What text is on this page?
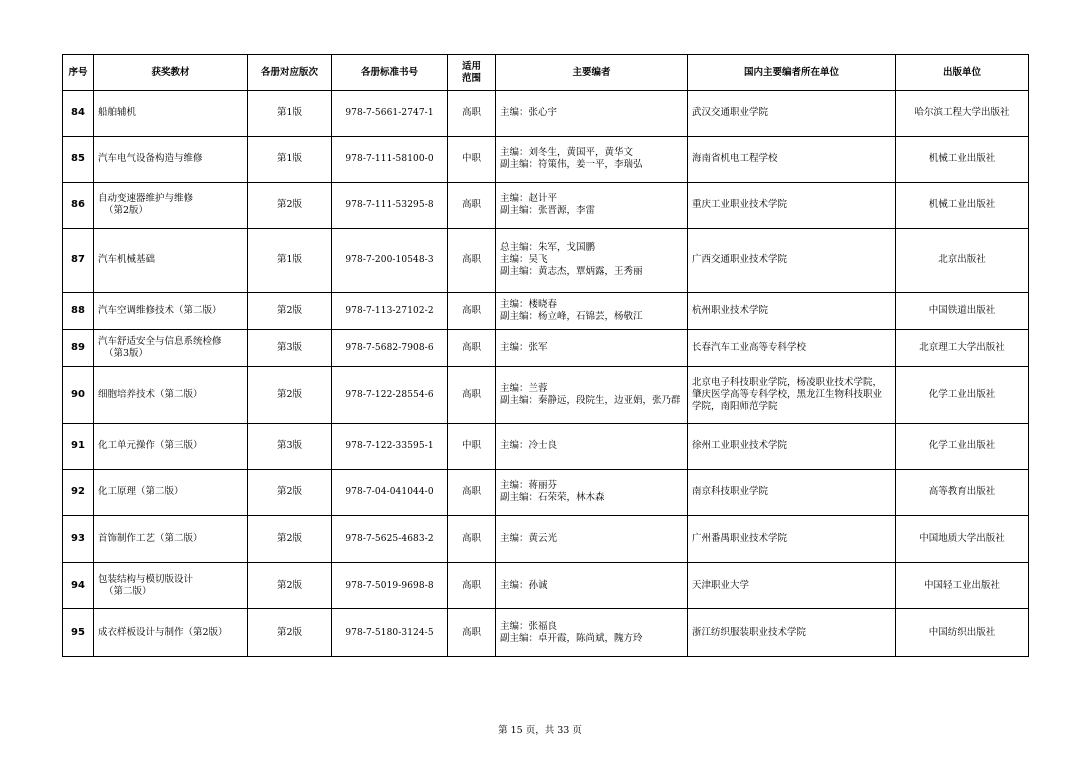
序号	获奖教材	各册对应版次	各册标准书号	适用
范围	主要编者	国内主要编者所在单位	出版单位
84	船舶辅机	第1版	978-7-5661-2747-1	高职	主编：张心宇	武汉交通职业学院	哈尔滨工程大学出版社
85	汽车电气设备构造与维修	第1版	978-7-111-58100-0	中职	主编：刘冬生，黄国平，黄华文
副主编：符策伟，姜一平，李瑞弘	海南省机电工程学校	机械工业出版社
86	自动变速器维护与维修
（第2版）	第2版	978-7-111-53295-8	高职	主编：赵计平
副主编：张晋源，李雷	重庆工业职业技术学院	机械工业出版社
87	汽车机械基础	第1版	978-7-200-10548-3	高职	总主编：朱军，戈国鹏
主编：吴飞
副主编：黄志杰，覃炳露，王秀丽	广西交通职业技术学院	北京出版社
88	汽车空调维修技术（第二版）	第2版	978-7-113-27102-2	高职	主编：楼晓春
副主编：杨立峰，石锦芸，杨敬江	杭州职业技术学院	中国铁道出版社
89	汽车舒适安全与信息系统检修
（第3版）	第3版	978-7-5682-7908-6	高职	主编：张军	长春汽车工业高等专科学校	北京理工大学出版社
90	细胞培养技术（第二版）	第2版	978-7-122-28554-6	高职	主编：兰蓉
副主编：秦静远，段院生，边亚娟，张乃群	北京电子科技职业学院，杨凌职业技术学院，肇庆医学高等专科学校，黑龙江生物科技职业学院，南阳师范学院	化学工业出版社
91	化工单元操作（第三版）	第3版	978-7-122-33595-1	中职	主编：冷士良	徐州工业职业技术学院	化学工业出版社
92	化工原理（第二版）	第2版	978-7-04-041044-0	高职	主编：蒋丽芬
副主编：石荣荣，林木森	南京科技职业学院	高等教育出版社
93	首饰制作工艺（第二版）	第2版	978-7-5625-4683-2	高职	主编：黄云光	广州番禺职业技术学院	中国地质大学出版社
94	包装结构与模切版设计
（第二版）	第2版	978-7-5019-9698-8	高职	主编：孙诚	天津职业大学	中国轻工业出版社
95	成衣样板设计与制作（第2版）	第2版	978-7-5180-3124-5	高职	主编：张福良
副主编：卓开霞，陈尚斌，隗方玲	浙江纺织服装职业技术学院	中国纺织出版社
第 15 页，共 33 页
